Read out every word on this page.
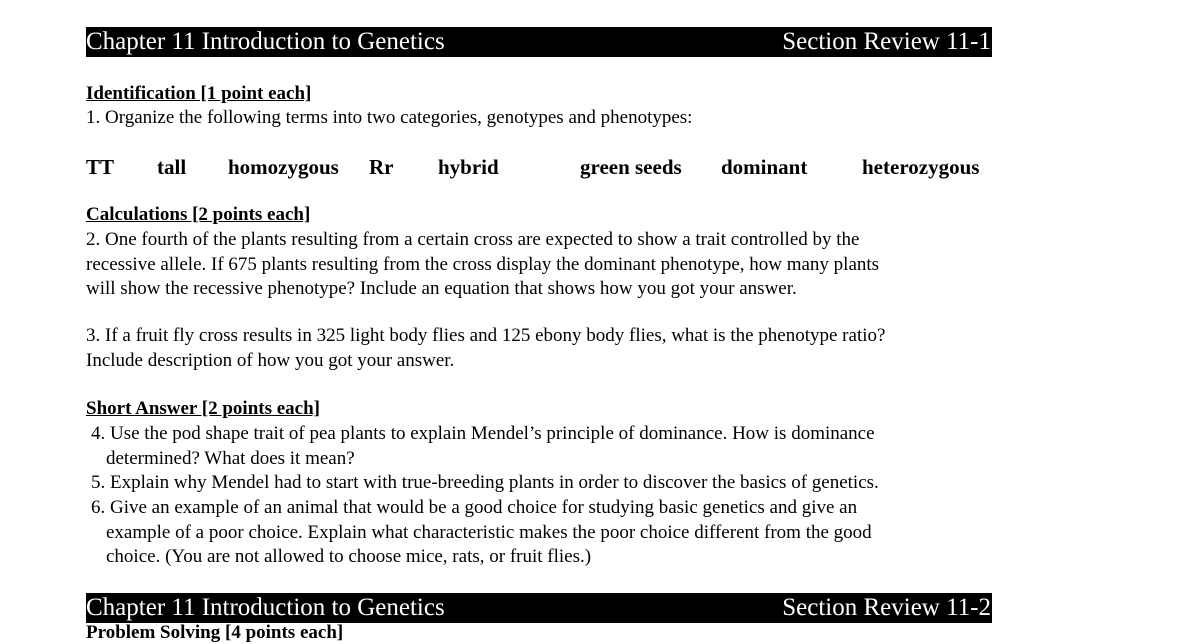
Chapter 11 Introduction to Genetics	Section Review 11-1
Identification [1 point each]
1. Organize the following terms into two categories, genotypes and phenotypes:
TT tall homozygous Rr hybrid	green seeds dominant	heterozygous
Calculations [2 points each]
2. One fourth of the plants resulting from a certain cross are expected to show a trait controlled by the
recessive allele. If 675 plants resulting from the cross display the dominant phenotype, how many plants
will show the recessive phenotype? Include an equation that shows how you got your answer.
3. If a fruit fly cross results in 325 light body flies and 125 ebony body flies, what is the phenotype ratio?
Include description of how you got your answer.
Short Answer [2 points each]
4. Use the pod shape trait of pea plants to explain Mendel’s principle of dominance. How is dominance
determined? What does it mean?
5. Explain why Mendel had to start with true-breeding plants in order to discover the basics of genetics.
6. Give an example of an animal that would be a good choice for studying basic genetics and give an
example of a poor choice. Explain what characteristic makes the poor choice different from the good
choice. (You are not allowed to choose mice, rats, or fruit flies.)
Chapter 11 Introduction to Genetics	Section Review 11-2
Problem Solving [4 points each]
